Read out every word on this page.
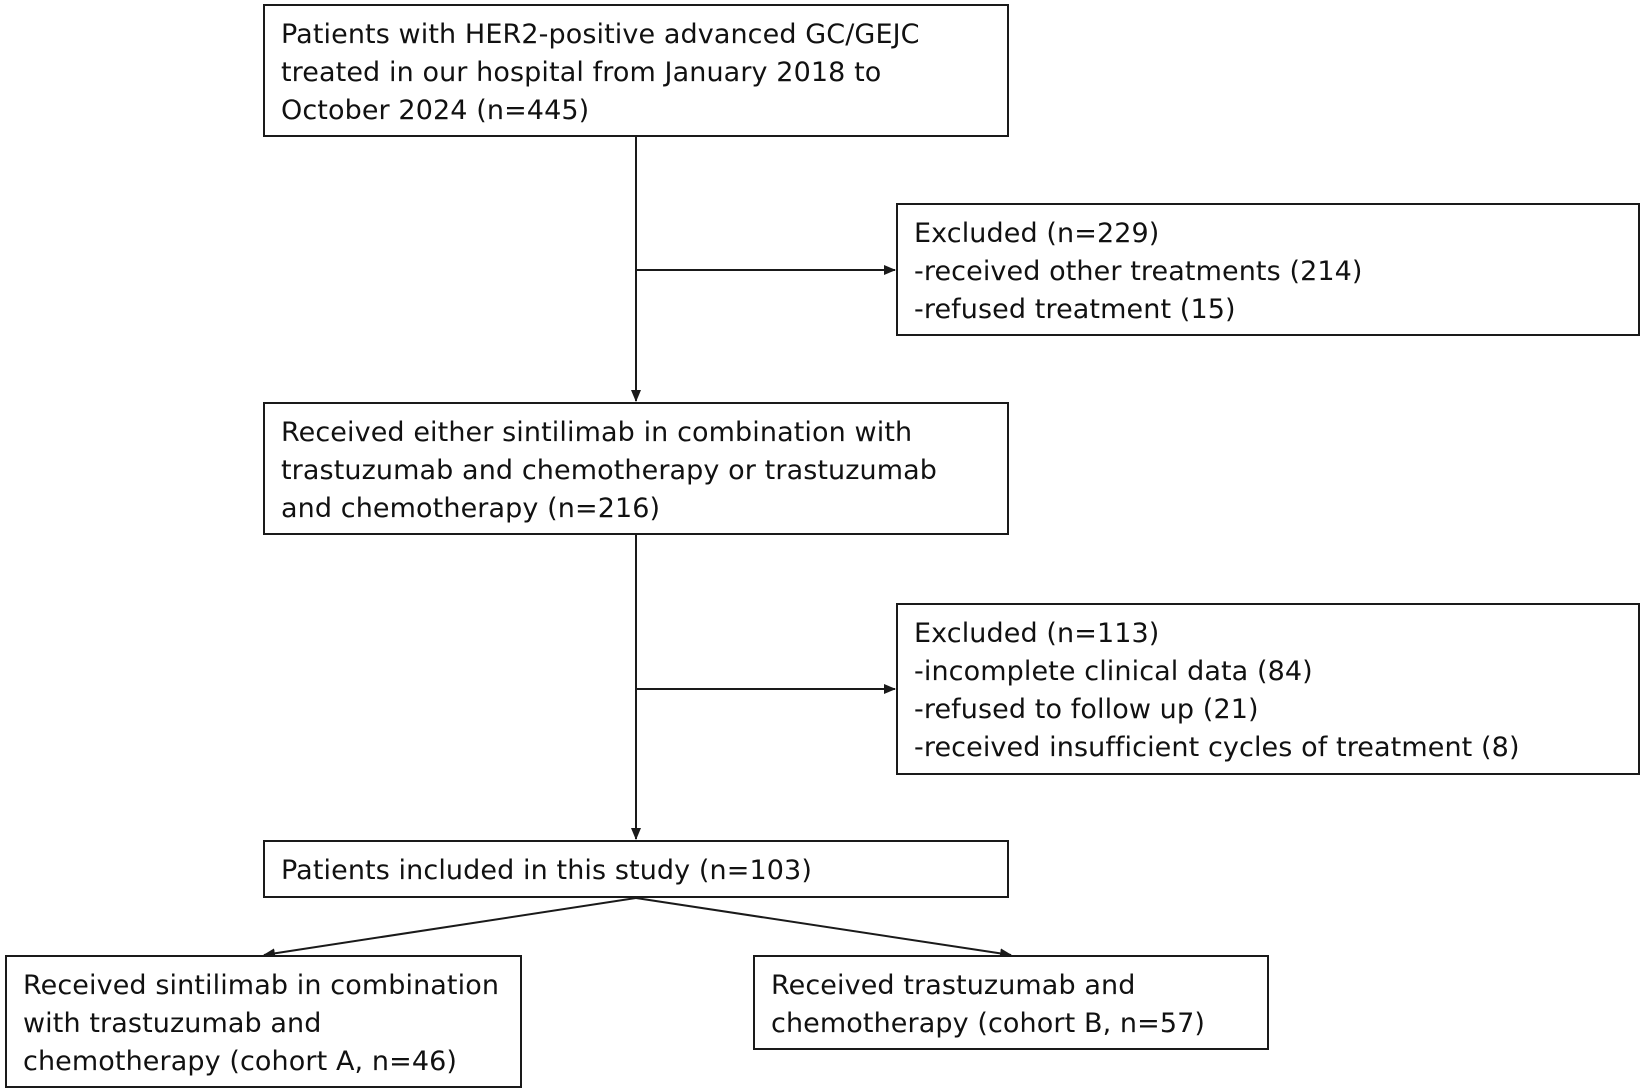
Patients with HER2-positive advanced GC/GEJC
treated in our hospital from January 2018 to
October 2024 (n=445)
Excluded (n=229)
-received other treatments (214)
-refused treatment (15)
Received either sintilimab in combination with
trastuzumab and chemotherapy or trastuzumab
and chemotherapy (n=216)
Excluded (n=113)
-incomplete clinical data (84)
-refused to follow up (21)
-received insufficient cycles of treatment (8)
Patients included in this study (n=103)
Received sintilimab in combination
with trastuzumab and
chemotherapy (cohort A, n=46)
Received trastuzumab and
chemotherapy (cohort B, n=57)
